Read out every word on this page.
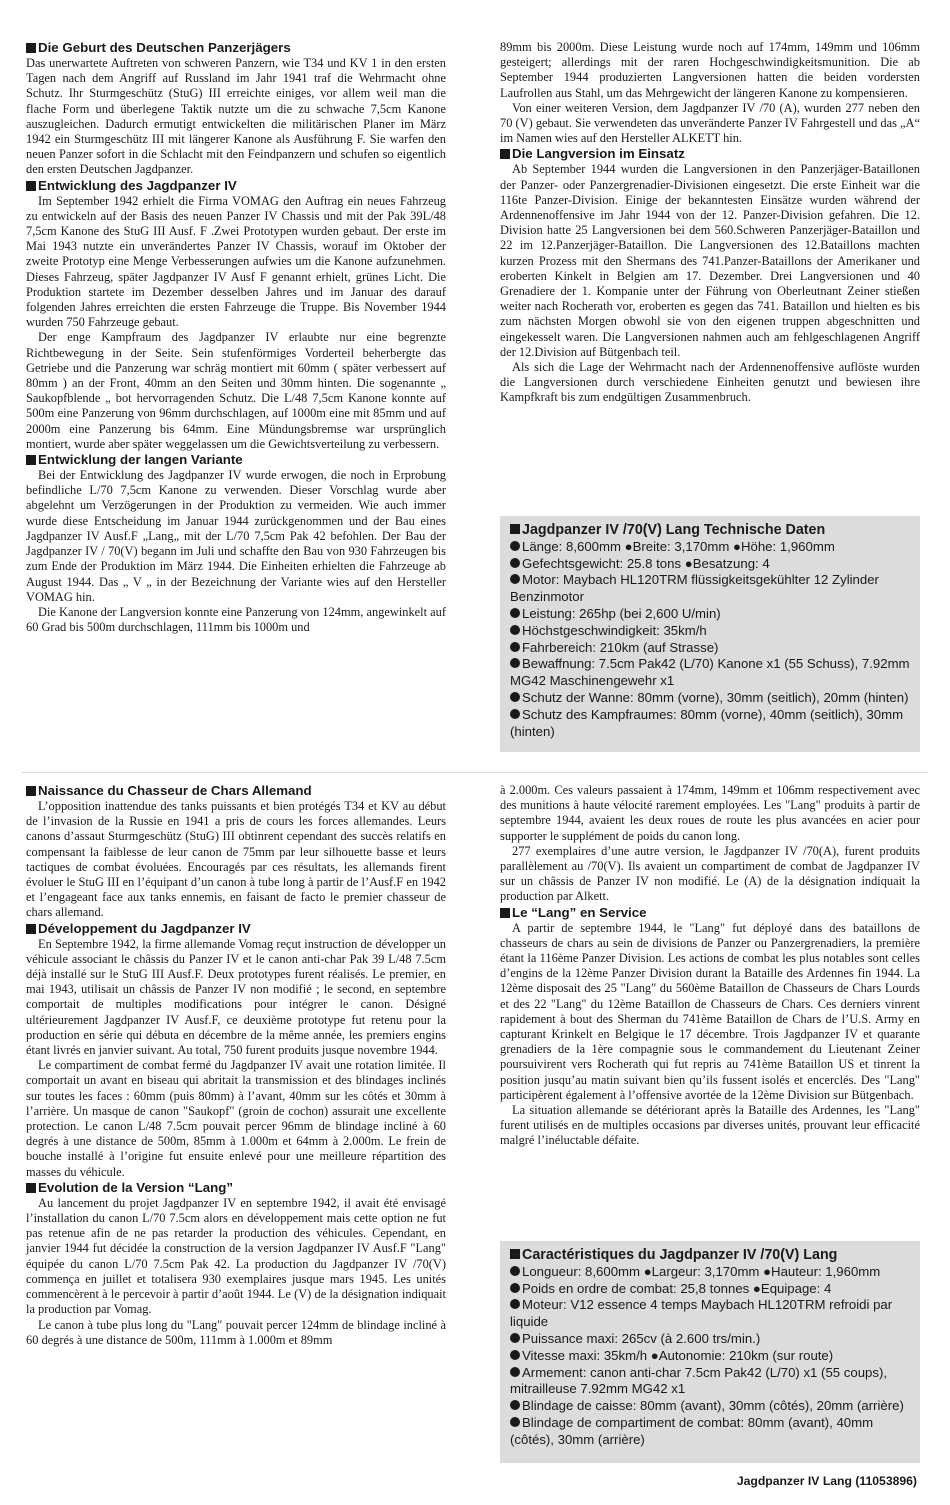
Die Geburt des Deutschen Panzerjägers

Das unerwartete Auftreten von schweren Panzern, wie T34 und KV 1 in den ersten Tagen nach dem Angriff auf Russland im Jahr 1941 traf die Wehrmacht ohne Schutz. Ihr Sturmgeschütz (StuG) III erreichte einiges, vor allem weil man die flache Form und überlegene Taktik nutzte um die zu schwache 7,5cm Kanone auszugleichen. Dadurch ermutigt entwickelten die militärischen Planer im März 1942 ein Sturmgeschütz III mit längerer Kanone als Ausführung F. Sie warfen den neuen Panzer sofort in die Schlacht mit den Feindpanzern und schufen so eigentlich den ersten Deutschen Jagdpanzer.

Entwicklung des Jagdpanzer IV

Im September 1942 erhielt die Firma VOMAG den Auftrag ein neues Fahrzeug zu entwickeln auf der Basis des neuen Panzer IV Chassis und mit der Pak 39L/48 7,5cm Kanone des StuG III Ausf. F .Zwei Prototypen wurden gebaut. Der erste im Mai 1943 nutzte ein unverändertes Panzer IV Chassis, worauf im Oktober der zweite Prototyp eine Menge Verbesserungen aufwies um die Kanone aufzunehmen. Dieses Fahrzeug, später Jagdpanzer IV Ausf F genannt erhielt, grünes Licht. Die Produktion startete im Dezember desselben Jahres und im Januar des darauf folgenden Jahres erreichten die ersten Fahrzeuge die Truppe. Bis November 1944 wurden 750 Fahrzeuge gebaut.

Der enge Kampfraum des Jagdpanzer IV erlaubte nur eine begrenzte Richtbewegung in der Seite. Sein stufenförmiges Vorderteil beherbergte das Getriebe und die Panzerung war schräg montiert mit 60mm ( später verbessert auf 80mm ) an der Front, 40mm an den Seiten und 30mm hinten. Die sogenannte „ Saukopfblende „ bot hervorragenden Schutz. Die L/48 7,5cm Kanone konnte auf 500m eine Panzerung von 96mm durchschlagen, auf 1000m eine mit 85mm und auf 2000m eine Panzerung bis 64mm. Eine Mündungsbremse war ursprünglich montiert, wurde aber später weggelassen um die Gewichtsverteilung zu verbessern.

Entwicklung der langen Variante

Bei der Entwicklung des Jagdpanzer IV wurde erwogen, die noch in Erprobung befindliche L/70 7,5cm Kanone zu verwenden. Dieser Vorschlag wurde aber abgelehnt um Verzögerungen in der Produktion zu vermeiden. Wie auch immer wurde diese Entscheidung im Januar 1944 zurückgenommen und der Bau eines Jagdpanzer IV Ausf.F „Lang„ mit der L/70 7,5cm Pak 42 befohlen. Der Bau der Jagdpanzer IV / 70(V) begann im Juli und schaffte den Bau von 930 Fahrzeugen bis zum Ende der Produktion im März 1944. Die Einheiten erhielten die Fahrzeuge ab August 1944. Das „ V „ in der Bezeichnung der Variante wies auf den Hersteller VOMAG hin.

Die Kanone der Langversion konnte eine Panzerung von 124mm, angewinkelt auf 60 Grad bis 500m durchschlagen, 111mm bis 1000m und

89mm bis 2000m. Diese Leistung wurde noch auf 174mm, 149mm und 106mm gesteigert; allerdings mit der raren Hochgeschwindigkeitsmunition. Die ab September 1944 produzierten Langversionen hatten die beiden vordersten Laufrollen aus Stahl, um das Mehrgewicht der längeren Kanone zu kompensieren.

Von einer weiteren Version, dem Jagdpanzer IV /70 (A), wurden 277 neben den 70 (V) gebaut. Sie verwendeten das unveränderte Panzer IV Fahrgestell und das „A“ im Namen wies auf den Hersteller ALKETT hin.

Die Langversion im Einsatz

Ab September 1944 wurden die Langversionen in den Panzerjäger-Bataillonen der Panzer- oder Panzergrenadier-Divisionen eingesetzt. Die erste Einheit war die 116te Panzer-Division. Einige der bekanntesten Einsätze wurden während der Ardennenoffensive im Jahr 1944 von der 12. Panzer-Division gefahren. Die 12. Division hatte 25 Langversionen bei dem 560.Schweren Panzerjäger-Bataillon und 22 im 12.Panzerjäger-Bataillon. Die Langversionen des 12.Bataillons machten kurzen Prozess mit den Shermans des 741.Panzer-Bataillons der Amerikaner und eroberten Kinkelt in Belgien am 17. Dezember. Drei Langversionen und 40 Grenadiere der 1. Kompanie unter der Führung von Oberleutnant Zeiner stießen weiter nach Rocherath vor, eroberten es gegen das 741. Bataillon und hielten es bis zum nächsten Morgen obwohl sie von den eigenen truppen abgeschnitten und eingekesselt waren. Die Langversionen nahmen auch am fehlgeschlagenen Angriff der 12.Division auf Bütgenbach teil.

Als sich die Lage der Wehrmacht nach der Ardennenoffensive auflöste wurden die Langversionen durch verschiedene Einheiten genutzt und bewiesen ihre Kampfkraft bis zum endgültigen Zusammenbruch.

Jagdpanzer IV /70(V) Lang Technische Daten
Länge: 8,600mm ●Breite: 3,170mm ●Höhe: 1,960mm
Gefechtsgewicht: 25.8 tons ●Besatzung: 4
Motor: Maybach HL120TRM flüssigkeitsgekühlter 12 Zylinder Benzinmotor
Leistung: 265hp (bei 2,600 U/min)
Höchstgeschwindigkeit: 35km/h
Fahrbereich: 210km (auf Strasse)
Bewaffnung: 7.5cm Pak42 (L/70) Kanone x1 (55 Schuss), 7.92mm MG42 Maschinengewehr x1
Schutz der Wanne: 80mm (vorne), 30mm (seitlich), 20mm (hinten)
Schutz des Kampfraumes: 80mm (vorne), 40mm (seitlich), 30mm (hinten)
Naissance du Chasseur de Chars Allemand

L’opposition inattendue des tanks puissants et bien protégés T34 et KV au début de l’invasion de la Russie en 1941 a pris de cours les forces allemandes. Leurs canons d’assaut Sturmgeschütz (StuG) III obtinrent cependant des succès relatifs en compensant la faiblesse de leur canon de 75mm par leur silhouette basse et leurs tactiques de combat évoluées. Encouragés par ces résultats, les allemands firent évoluer le StuG III en l’équipant d’un canon à tube long à partir de l’Ausf.F en 1942 et l’engageant face aux tanks ennemis, en faisant de facto le premier chasseur de chars allemand.

Développement du Jagdpanzer IV

En Septembre 1942, la firme allemande Vomag reçut instruction de développer un véhicule associant le châssis du Panzer IV et le canon anti-char Pak 39 L/48 7.5cm déjà installé sur le StuG III Ausf.F. Deux prototypes furent réalisés. Le premier, en mai 1943, utilisait un châssis de Panzer IV non modifié ; le second, en septembre comportait de multiples modifications pour intégrer le canon. Désigné ultérieurement Jagdpanzer IV Ausf.F, ce deuxième prototype fut retenu pour la production en série qui débuta en décembre de la même année, les premiers engins étant livrés en janvier suivant. Au total, 750 furent produits jusque novembre 1944.

Le compartiment de combat fermé du Jagdpanzer IV avait une rotation limitée. Il comportait un avant en biseau qui abritait la transmission et des blindages inclinés sur toutes les faces : 60mm (puis 80mm) à l’avant, 40mm sur les côtés et 30mm à l’arrière. Un masque de canon "Saukopf" (groin de cochon) assurait une excellente protection. Le canon L/48 7.5cm pouvait percer 96mm de blindage incliné à 60 degrés à une distance de 500m, 85mm à 1.000m et 64mm à 2.000m. Le frein de bouche installé à l’origine fut ensuite enlevé pour une meilleure répartition des masses du véhicule.

Evolution de la Version “Lang”

Au lancement du projet Jagdpanzer IV en septembre 1942, il avait été envisagé l’installation du canon L/70 7.5cm alors en développement mais cette option ne fut pas retenue afin de ne pas retarder la production des véhicules. Cependant, en janvier 1944 fut décidée la construction de la version Jagdpanzer IV Ausf.F "Lang" équipée du canon L/70 7.5cm Pak 42. La production du Jagdpanzer IV /70(V) commença en juillet et totalisera 930 exemplaires jusque mars 1945. Les unités commencèrent à le percevoir à partir d’août 1944. Le (V) de la désignation indiquait la production par Vomag.

Le canon à tube plus long du "Lang" pouvait percer 124mm de blindage incliné à 60 degrés à une distance de 500m, 111mm à 1.000m et 89mm

à 2.000m. Ces valeurs passaient à 174mm, 149mm et 106mm respectivement avec des munitions à haute vélocité rarement employées. Les "Lang" produits à partir de septembre 1944, avaient les deux roues de route les plus avancées en acier pour supporter le supplément de poids du canon long.

277 exemplaires d’une autre version, le Jagdpanzer IV /70(A), furent produits parallèlement au /70(V). Ils avaient un compartiment de combat de Jagdpanzer IV sur un châssis de Panzer IV non modifié. Le (A) de la désignation indiquait la production par Alkett.

Le “Lang” en Service

A partir de septembre 1944, le "Lang" fut déployé dans des bataillons de chasseurs de chars au sein de divisions de Panzer ou Panzergrenadiers, la première étant la 116ème Panzer Division. Les actions de combat les plus notables sont celles d’engins de la 12ème Panzer Division durant la Bataille des Ardennes fin 1944. La 12ème disposait des 25 "Lang" du 560ème Bataillon de Chasseurs de Chars Lourds et des 22 "Lang" du 12ème Bataillon de Chasseurs de Chars. Ces derniers vinrent rapidement à bout des Sherman du 741ème Bataillon de Chars de l’U.S. Army en capturant Krinkelt en Belgique le 17 décembre. Trois Jagdpanzer IV et quarante grenadiers de la 1ère compagnie sous le commandement du Lieutenant Zeiner poursuivirent vers Rocherath qui fut repris au 741ème Bataillon US et tinrent la position jusqu’au matin suivant bien qu’ils fussent isolés et encerclés. Des "Lang" participèrent également à l’offensive avortée de la 12ème Division sur Bütgenbach.

La situation allemande se détériorant après la Bataille des Ardennes, les "Lang" furent utilisés en de multiples occasions par diverses unités, prouvant leur efficacité malgré l’inéluctable défaite.

Caractéristiques du Jagdpanzer IV /70(V) Lang
Longueur: 8,600mm ●Largeur: 3,170mm ●Hauteur: 1,960mm
Poids en ordre de combat: 25,8 tonnes ●Equipage: 4
Moteur: V12 essence 4 temps Maybach HL120TRM refroidi par liquide
Puissance maxi: 265cv (à 2.600 trs/min.)
Vitesse maxi: 35km/h ●Autonomie: 210km (sur route)
Armement: canon anti-char 7.5cm Pak42 (L/70) x1 (55 coups), mitrailleuse 7.92mm MG42 x1
Blindage de caisse: 80mm (avant), 30mm (côtés), 20mm (arrière)
Blindage de compartiment de combat: 80mm (avant), 40mm (côtés), 30mm (arrière)
Jagdpanzer IV Lang (11053896)
